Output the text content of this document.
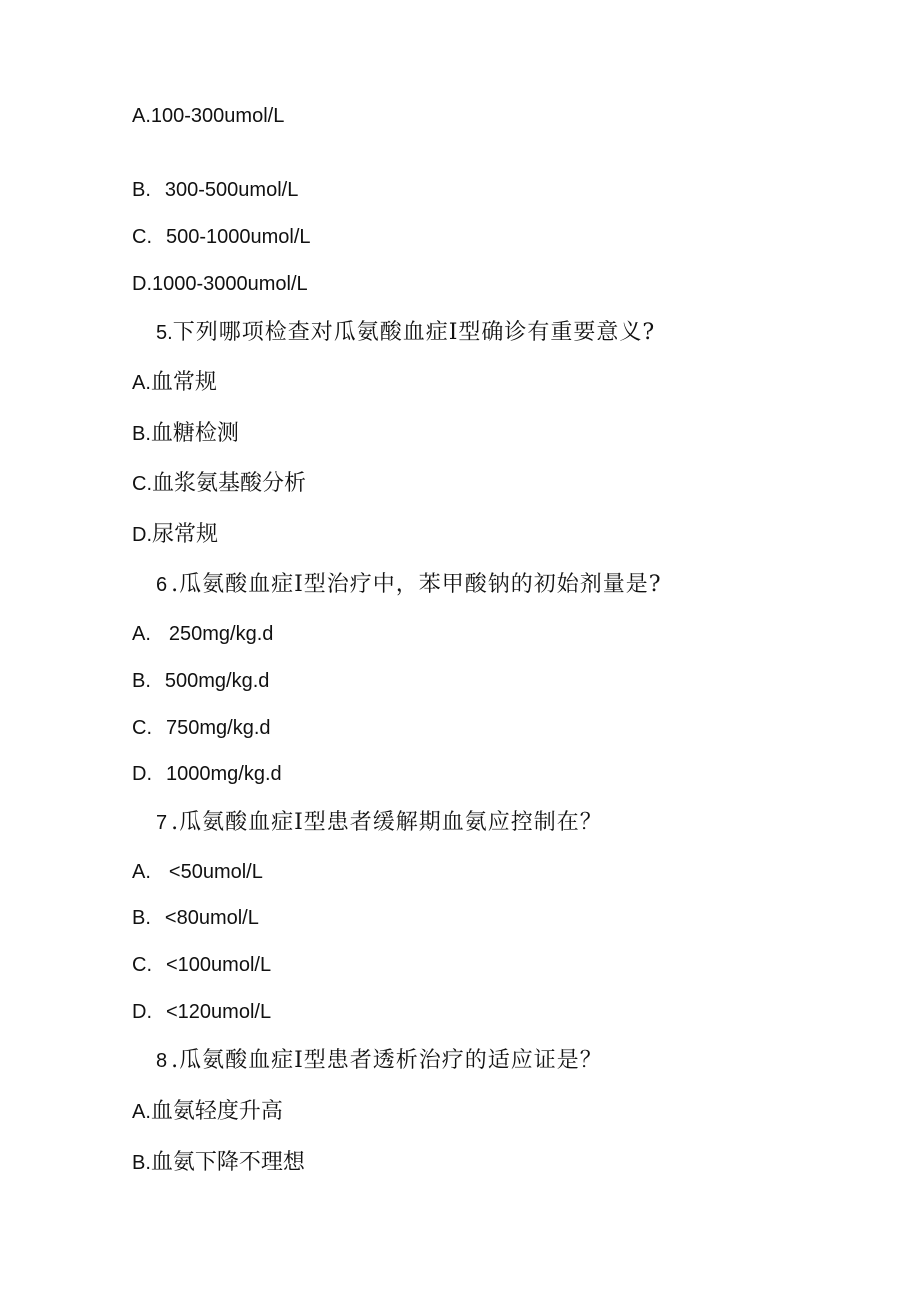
A.100-300umol/L
B. 300-500umol/L
C. 500-1000umol/L
D.1000-3000umol/L
5.下列哪项检查对瓜氨酸血症I型确诊有重要意义?
A.血常规
B.血糖检测
C.血浆氨基酸分析
D.尿常规
6 .瓜氨酸血症I型治疗中，苯甲酸钠的初始剂量是?
A. 250mg/kg.d
B. 500mg/kg.d
C. 750mg/kg.d
D. 1000mg/kg.d
7 .瓜氨酸血症I型患者缓解期血氨应控制在？
A. <50umol/L
B. <80umol/L
C. <100umol/L
D. <120umol/L
8 .瓜氨酸血症I型患者透析治疗的适应证是？
A.血氨轻度升高
B.血氨下降不理想
